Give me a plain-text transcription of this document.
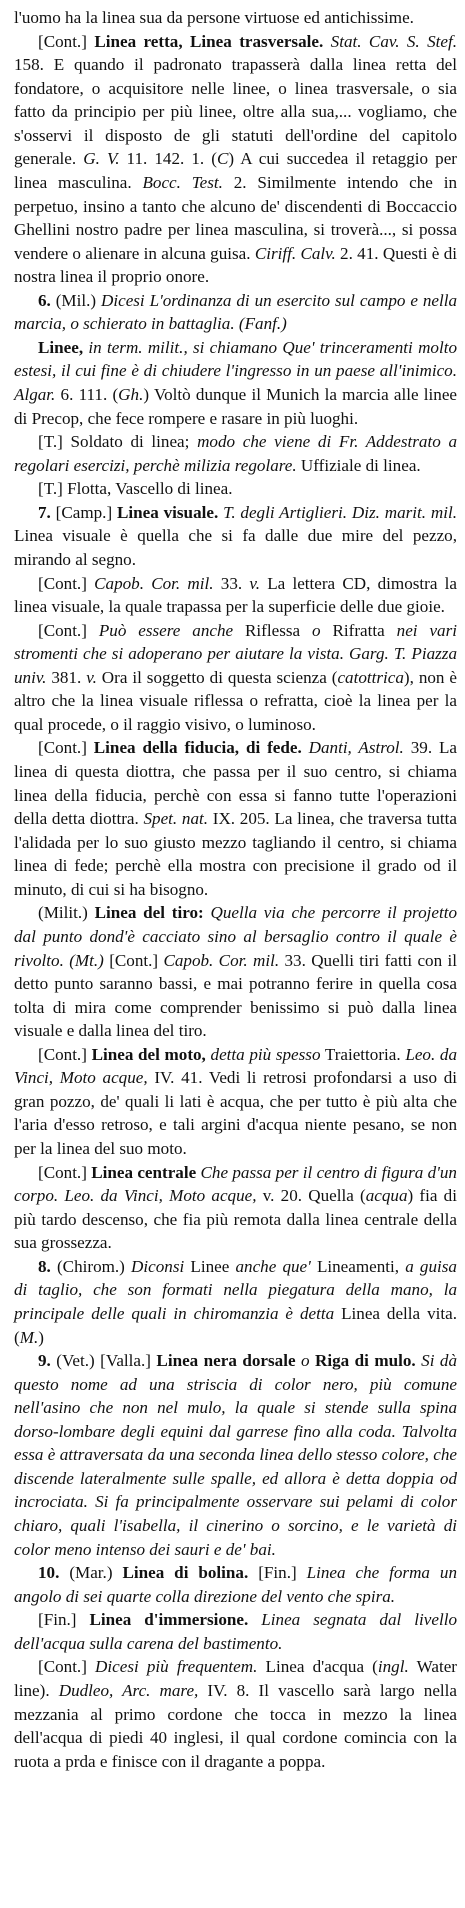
l'uomo ha la linea sua da persone virtuose ed antichissime.

[Cont.] Linea retta, Linea trasversale. Stat. Cav. S. Stef. 158. E quando il padronato trapasserà dalla linea retta del fondatore, o acquisitore nelle linee, o linea trasversale, o sia fatto da principio per più linee, oltre alla sua,... vogliamo, che s'osservi il disposto de gli statuti dell'ordine del capitolo generale. G. V. 11. 142. 1. (C) A cui succedea il retaggio per linea masculina. Bocc. Test. 2. Similmente intendo che in perpetuo, insino a tanto che alcuno de' discendenti di Boccaccio Ghellini nostro padre per linea masculina, si troverà..., si possa vendere o alienare in alcuna guisa. Ciriff. Calv. 2. 41. Questi è di nostra linea il proprio onore.

6. (Mil.) Dicesi L'ordinanza di un esercito sul campo e nella marcia, o schierato in battaglia. (Fanf.)

Linee, in term. milit., si chiamano Que' trinceramenti molto estesi, il cui fine è di chiudere l'ingresso in un paese all'inimico. Algar. 6. 111. (Gh.) Voltò dunque il Munich la marcia alle linee di Precop, che fece rompere e rasare in più luoghi.

[T.] Soldato di linea; modo che viene di Fr. Addestrato a regolari esercizi, perchè milizia regolare. Uffiziale di linea.

[T.] Flotta, Vascello di linea.

7. [Camp.] Linea visuale. T. degli Artiglieri. Diz. marit. mil. Linea visuale è quella che si fa dalle due mire del pezzo, mirando al segno.

[Cont.] Capob. Cor. mil. 33. v. La lettera CD, dimostra la linea visuale, la quale trapassa per la superficie delle due gioie.

[Cont.] Può essere anche Riflessa o Rifratta nei vari stromenti che si adoperano per aiutare la vista. Garg. T. Piazza univ. 381. v. Ora il soggetto di questa scienza (catottrica), non è altro che la linea visuale riflessa o refratta, cioè la linea per la qual procede, o il raggio visivo, o luminoso.

[Cont.] Linea della fiducia, di fede. Danti, Astrol. 39. La linea di questa diottra, che passa per il suo centro, si chiama linea della fiducia, perchè con essa si fanno tutte l'operazioni della detta diottra. Spet. nat. IX. 205. La linea, che traversa tutta l'alidada per lo suo giusto mezzo tagliando il centro, si chiama linea di fede; perchè ella mostra con precisione il grado od il minuto, di cui si ha bisogno.

(Milit.) Linea del tiro: Quella via che percorre il projetto dal punto dond'è cacciato sino al bersaglio contro il quale è rivolto. (Mt.) [Cont.] Capob. Cor. mil. 33. Quelli tiri fatti con il detto punto saranno bassi, e mai potranno ferire in quella cosa tolta di mira come comprender benissimo si può dalla linea visuale e dalla linea del tiro.

[Cont.] Linea del moto, detta più spesso Traiettoria. Leo. da Vinci, Moto acque, IV. 41. Vedi li retrosi profondarsi a uso di gran pozzo, de' quali li lati è acqua, che per tutto è più alta che l'aria d'esso retroso, e tali argini d'acqua niente pesano, se non per la linea del suo moto.

[Cont.] Linea centrale Che passa per il centro di figura d'un corpo. Leo. da Vinci, Moto acque, v. 20. Quella (acqua) fia di più tardo descenso, che fia più remota dalla linea centrale della sua grossezza.

8. (Chirom.) Diconsi Linee anche que' Lineamenti, a guisa di taglio, che son formati nella piegatura della mano, la principale delle quali in chiromanzia è detta Linea della vita. (M.)

9. (Vet.) [Valla.] Linea nera dorsale o Riga di mulo. Si dà questo nome ad una striscia di color nero, più comune nell'asino che non nel mulo, la quale si stende sulla spina dorso-lombare degli equini dal garrese fino alla coda. Talvolta essa è attraversata da una seconda linea dello stesso colore, che discende lateralmente sulle spalle, ed allora è detta doppia od incrociata. Si fa principalmente osservare sui pelami di color chiaro, quali l'isabella, il cinerino o sorcino, e le varietà di color meno intenso dei sauri e de' bai.

10. (Mar.) Linea di bolina. [Fin.] Linea che forma un angolo di sei quarte colla direzione del vento che spira.

[Fin.] Linea d'immersione. Linea segnata dal livello dell'acqua sulla carena del bastimento.

[Cont.] Dicesi più frequentem. Linea d'acqua (ingl. Water line). Dudleo, Arc. mare, IV. 8. Il vascello sarà largo nella mezzania al primo cordone che tocca in mezzo la linea dell'acqua di piedi 40 inglesi, il qual cordone comincia con la ruota a prda e finisce con il dragante a poppa.
